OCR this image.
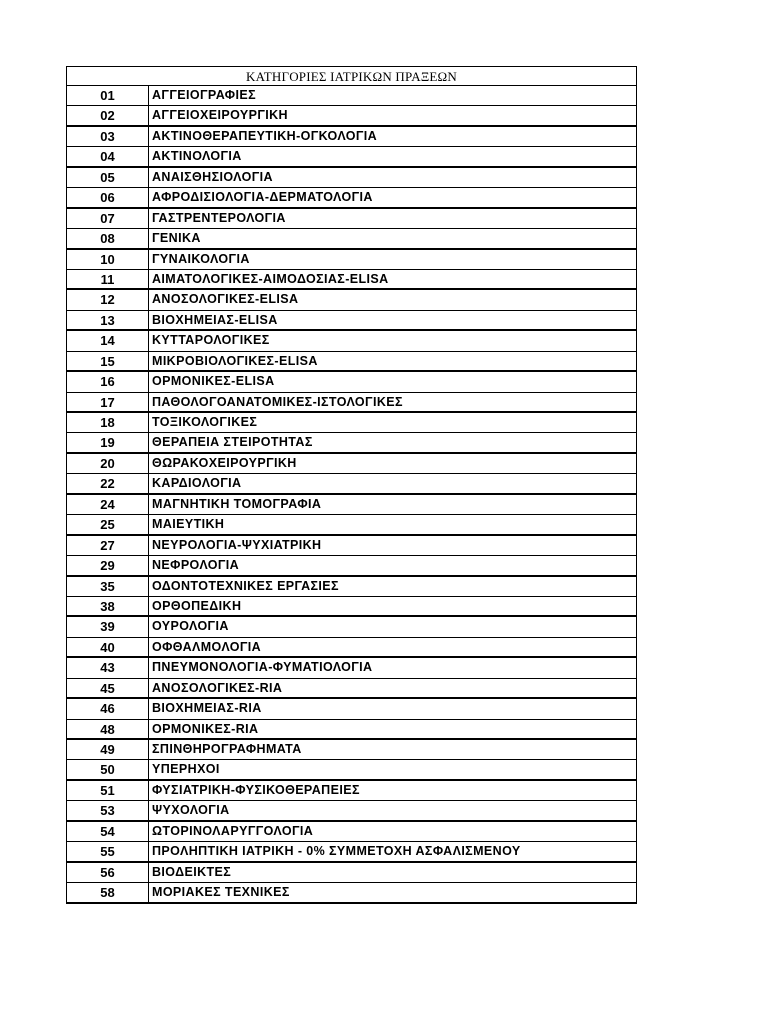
ΚΑΤΗΓΟΡΙΕΣ ΙΑΤΡΙΚΩΝ ΠΡΑΞΕΩΝ
01	ΑΓΓΕΙΟΓΡΑΦΙΕΣ
02	ΑΓΓΕΙΟΧΕΙΡΟΥΡΓΙΚΗ
03	ΑΚΤΙΝΟΘΕΡΑΠΕΥΤΙΚΗ-ΟΓΚΟΛΟΓΙΑ
04	ΑΚΤΙΝΟΛΟΓΙΑ
05	ΑΝΑΙΣΘΗΣΙΟΛΟΓΙΑ
06	ΑΦΡΟΔΙΣΙΟΛΟΓΙΑ-ΔΕΡΜΑΤΟΛΟΓΙΑ
07	ΓΑΣΤΡΕΝΤΕΡΟΛΟΓΙΑ
08	ΓΕΝΙΚΑ
10	ΓΥΝΑΙΚΟΛΟΓΙΑ
11	ΑΙΜΑΤΟΛΟΓΙΚΕΣ-ΑΙΜΟΔΟΣΙΑΣ-ELISA
12	ΑΝΟΣΟΛΟΓΙΚΕΣ-ELISA
13	ΒΙΟΧΗΜΕΙΑΣ-ELISA
14	ΚΥΤΤΑΡΟΛΟΓΙΚΕΣ
15	ΜΙΚΡΟΒΙΟΛΟΓΙΚΕΣ-ELISA
16	ΟΡΜΟΝΙΚΕΣ-ELISA
17	ΠΑΘΟΛΟΓΟΑΝΑΤΟΜΙΚΕΣ-ΙΣΤΟΛΟΓΙΚΕΣ
18	ΤΟΞΙΚΟΛΟΓΙΚΕΣ
19	ΘΕΡΑΠΕΙΑ ΣΤΕΙΡΟΤΗΤΑΣ
20	ΘΩΡΑΚΟΧΕΙΡΟΥΡΓΙΚΗ
22	ΚΑΡΔΙΟΛΟΓΙΑ
24	ΜΑΓΝΗΤΙΚΗ ΤΟΜΟΓΡΑΦΙΑ
25	ΜΑΙΕΥΤΙΚΗ
27	ΝΕΥΡΟΛΟΓΙΑ-ΨΥΧΙΑΤΡΙΚΗ
29	ΝΕΦΡΟΛΟΓΙΑ
35	ΟΔΟΝΤΟΤΕΧΝΙΚΕΣ ΕΡΓΑΣΙΕΣ
38	ΟΡΘΟΠΕΔΙΚΗ
39	ΟΥΡΟΛΟΓΙΑ
40	ΟΦΘΑΛΜΟΛΟΓΙΑ
43	ΠΝΕΥΜΟΝΟΛΟΓΙΑ-ΦΥΜΑΤΙΟΛΟΓΙΑ
45	ΑΝΟΣΟΛΟΓΙΚΕΣ-RIA
46	ΒΙΟΧΗΜΕΙΑΣ-RIA
48	ΟΡΜΟΝΙΚΕΣ-RIA
49	ΣΠΙΝΘΗΡΟΓΡΑΦΗΜΑΤΑ
50	ΥΠΕΡΗΧΟΙ
51	ΦΥΣΙΑΤΡΙΚΗ-ΦΥΣΙΚΟΘΕΡΑΠΕΙΕΣ
53	ΨΥΧΟΛΟΓΙΑ
54	ΩΤΟΡΙΝΟΛΑΡΥΓΓΟΛΟΓΙΑ
55	ΠΡΟΛΗΠΤΙΚΗ ΙΑΤΡΙΚΗ - 0% ΣΥΜΜΕΤΟΧΗ ΑΣΦΑΛΙΣΜΕΝΟΥ
56	ΒΙΟΔΕΙΚΤΕΣ
58	ΜΟΡΙΑΚΕΣ ΤΕΧΝΙΚΕΣ
